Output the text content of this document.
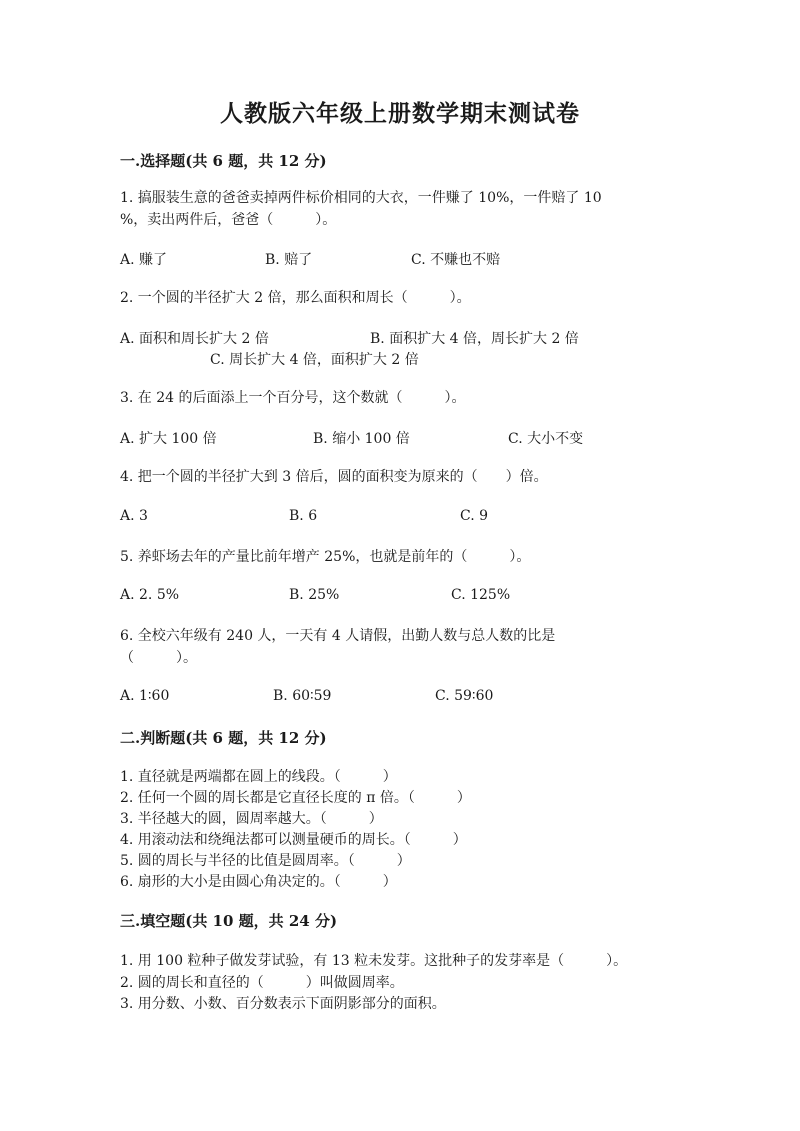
人教版六年级上册数学期末测试卷
一.选择题(共 6 题，共 12 分)
1. 搞服装生意的爸爸卖掉两件标价相同的大衣，一件赚了 10%，一件赔了 10
%，卖出两件后，爸爸（　　　）。
A. 赚了	B. 赔了	C. 不赚也不赔
2. 一个圆的半径扩大 2 倍，那么面积和周长（　　　）。
A. 面积和周长扩大 2 倍	B. 面积扩大 4 倍，周长扩大 2 倍
C. 周长扩大 4 倍，面积扩大 2 倍
3. 在 24 的后面添上一个百分号，这个数就（　　　）。
A. 扩大 100 倍	B. 缩小 100 倍	C. 大小不变
4. 把一个圆的半径扩大到 3 倍后，圆的面积变为原来的（　　）倍。
A. 3	B. 6	C. 9
5. 养虾场去年的产量比前年增产 25%，也就是前年的（　　　）。
A. 2. 5%	B. 25%	C. 125%
6. 全校六年级有 240 人，一天有 4 人请假，出勤人数与总人数的比是
（　　　）。
A. 1∶60	B. 60∶59	C. 59∶60
二.判断题(共 6 题，共 12 分)
1. 直径就是两端都在圆上的线段。（　　　）
2. 任何一个圆的周长都是它直径长度的 π 倍。（　　　）
3. 半径越大的圆，圆周率越大。（　　　）
4. 用滚动法和绕绳法都可以测量硬币的周长。（　　　）
5. 圆的周长与半径的比值是圆周率。（　　　）
6. 扇形的大小是由圆心角决定的。（　　　）
三.填空题(共 10 题，共 24 分)
1. 用 100 粒种子做发芽试验，有 13 粒未发芽。这批种子的发芽率是（　　　）。
2. 圆的周长和直径的（　　　）叫做圆周率。
3. 用分数、小数、百分数表示下面阴影部分的面积。
